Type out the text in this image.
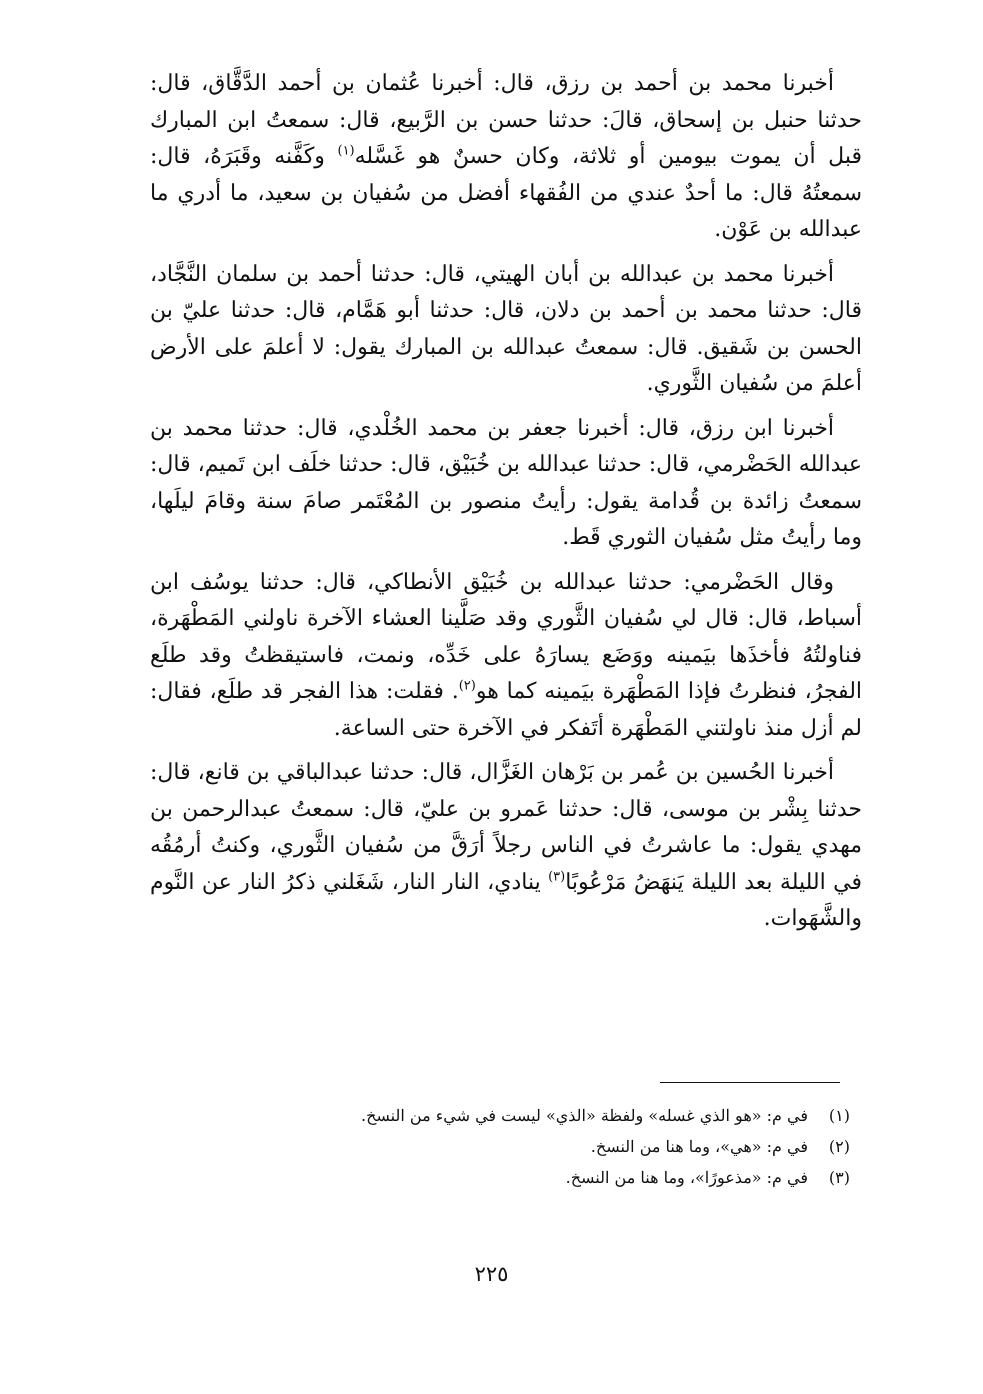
أخبرنا محمد بن أحمد بن رزق، قال: أخبرنا عُثمان بن أحمد الدَّقَّاق، قال: حدثنا حنبل بن إسحاق، قالَ: حدثنا حسن بن الرَّبيع، قال: سمعتُ ابن المبارك قبل أن يموت بيومين أو ثلاثة، وكان حسنٌ هو غَسَّله$^{(١)}$ وكَفَّنه وقَبَرَهُ، قال: سمعتُهُ قال: ما أحدٌ عندي من الفُقهاء أفضل من سُفيان بن سعيد، ما أدري ما عبدالله بن عَوْن.

أخبرنا محمد بن عبدالله بن أبان الهيتي، قال: حدثنا أحمد بن سلمان النَّجَّاد، قال: حدثنا محمد بن أحمد بن دلان، قال: حدثنا أبو هَمَّام، قال: حدثنا عليّ بن الحسن بن شَقيق. قال: سمعتُ عبدالله بن المبارك يقول: لا أعلمَ على الأرض أعلمَ من سُفيان الثَّوري.

أخبرنا ابن رزق، قال: أخبرنا جعفر بن محمد الخُلْدي، قال: حدثنا محمد بن عبدالله الحَضْرمي، قال: حدثنا عبدالله بن خُبَيْق، قال: حدثنا خلَف ابن تَميم، قال: سمعتُ زائدة بن قُدامة يقول: رأيتُ منصور بن المُعْتَمر صامَ سنة وقامَ ليلَها، وما رأيتُ مثل سُفيان الثوري قَط.

وقال الحَضْرمي: حدثنا عبدالله بن خُبَيْق الأنطاكي، قال: حدثنا يوسُف ابن أسباط، قال: قال لي سُفيان الثَّوري وقد صَلَّينا العشاء الآخرة ناولني المَطْهَرة، فناولتُهُ فأخذَها بيَمينه ووَضَع يسارَهُ على خَدِّه، ونمت، فاستيقظتُ وقد طلَع الفجرُ، فنظرتُ فإذا المَطْهَرة بيَمينه كما هو$^{(٢)}$. فقلت: هذا الفجر قد طلَع، فقال: لم أزل منذ ناولتني المَطْهَرة أتَفكر في الآخرة حتى الساعة.

أخبرنا الحُسين بن عُمر بن بَرْهان الغَزَّال، قال: حدثنا عبدالباقي بن قانع، قال: حدثنا بِشْر بن موسى، قال: حدثنا عَمرو بن عليّ، قال: سمعتُ عبدالرحمن بن مهدي يقول: ما عاشرتُ في الناس رجلاً أرَقَّ من سُفيان الثَّوري، وكنتُ أرمُقُه في الليلة بعد الليلة يَنهَضُ مَرْعُوبًا$^{(٣)}$ ينادي، النار النار، شَغَلني ذكرُ النار عن النَّوم والشَّهَوات.

(١)
في م: «هو الذي غسله» ولفظة «الذي» ليست في شيء من النسخ.
(٢)
في م: «هي»، وما هنا من النسخ.
(٣)
في م: «مذعورًا»، وما هنا من النسخ.
٢٢٥
